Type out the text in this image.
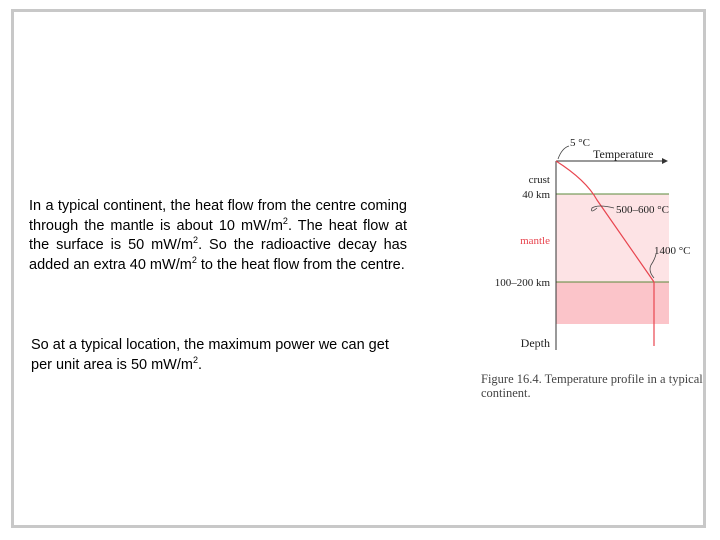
In a typical continent, the heat flow from the centre coming through the mantle is about 10 $mW/m^2$. The heat flow at the surface is 50 $mW/m^2$. So the radioactive decay has added an extra 40 $mW/m^2$ to the heat flow from the centre.
So at a typical location, the maximum power we can get per unit area is 50 $mW/m^2$.
5 °C
Temperature
crust
40 km
mantle
100–200 km
Depth
500–600 °C
1400 °C
Figure 16.4. Temperature profile in a typical continent.
